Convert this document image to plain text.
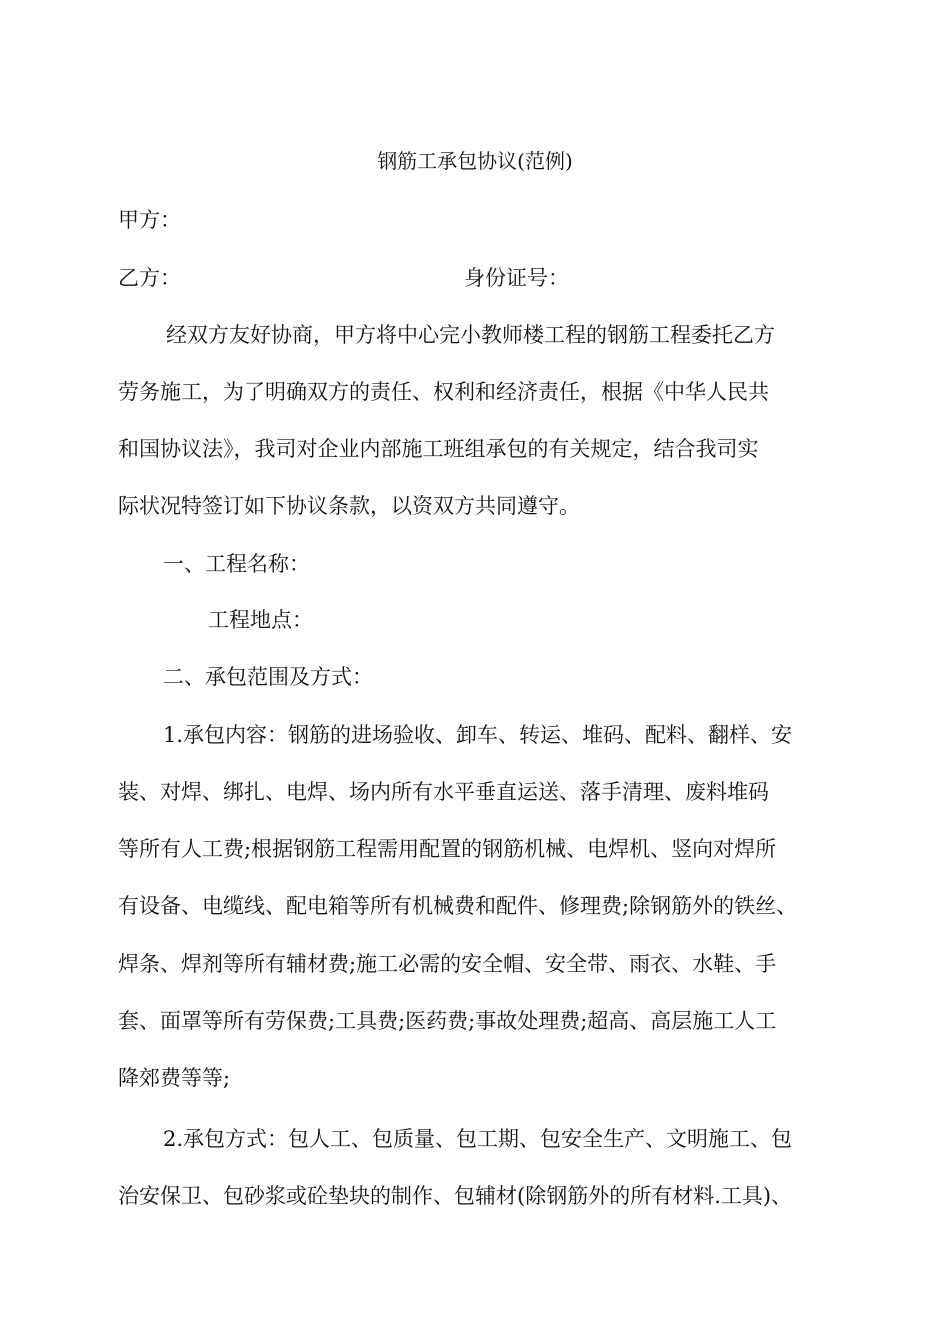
钢筋工承包协议(范例)

甲方：

乙方：	身份证号：

经双方友好协商，甲方将中心完小教师楼工程的钢筋工程委托乙方

劳务施工，为了明确双方的责任、权利和经济责任，根据《中华人民共

和国协议法》，我司对企业内部施工班组承包的有关规定，结合我司实

际状况特签订如下协议条款，以资双方共同遵守。

一、工程名称：

工程地点：

二、承包范围及方式：

1.承包内容：钢筋的进场验收、卸车、转运、堆码、配料、翻样、安

装、对焊、绑扎、电焊、场内所有水平垂直运送、落手清理、废料堆码

等所有人工费;根据钢筋工程需用配置的钢筋机械、电焊机、竖向对焊所

有设备、电缆线、配电箱等所有机械费和配件、修理费;除钢筋外的铁丝、

焊条、焊剂等所有辅材费;施工必需的安全帽、安全带、雨衣、水鞋、手

套、面罩等所有劳保费;工具费;医药费;事故处理费;超高、高层施工人工

降郊费等等;

2.承包方式：包人工、包质量、包工期、包安全生产、文明施工、包

治安保卫、包砂浆或砼垫块的制作、包辅材(除钢筋外的所有材料.工具)、
